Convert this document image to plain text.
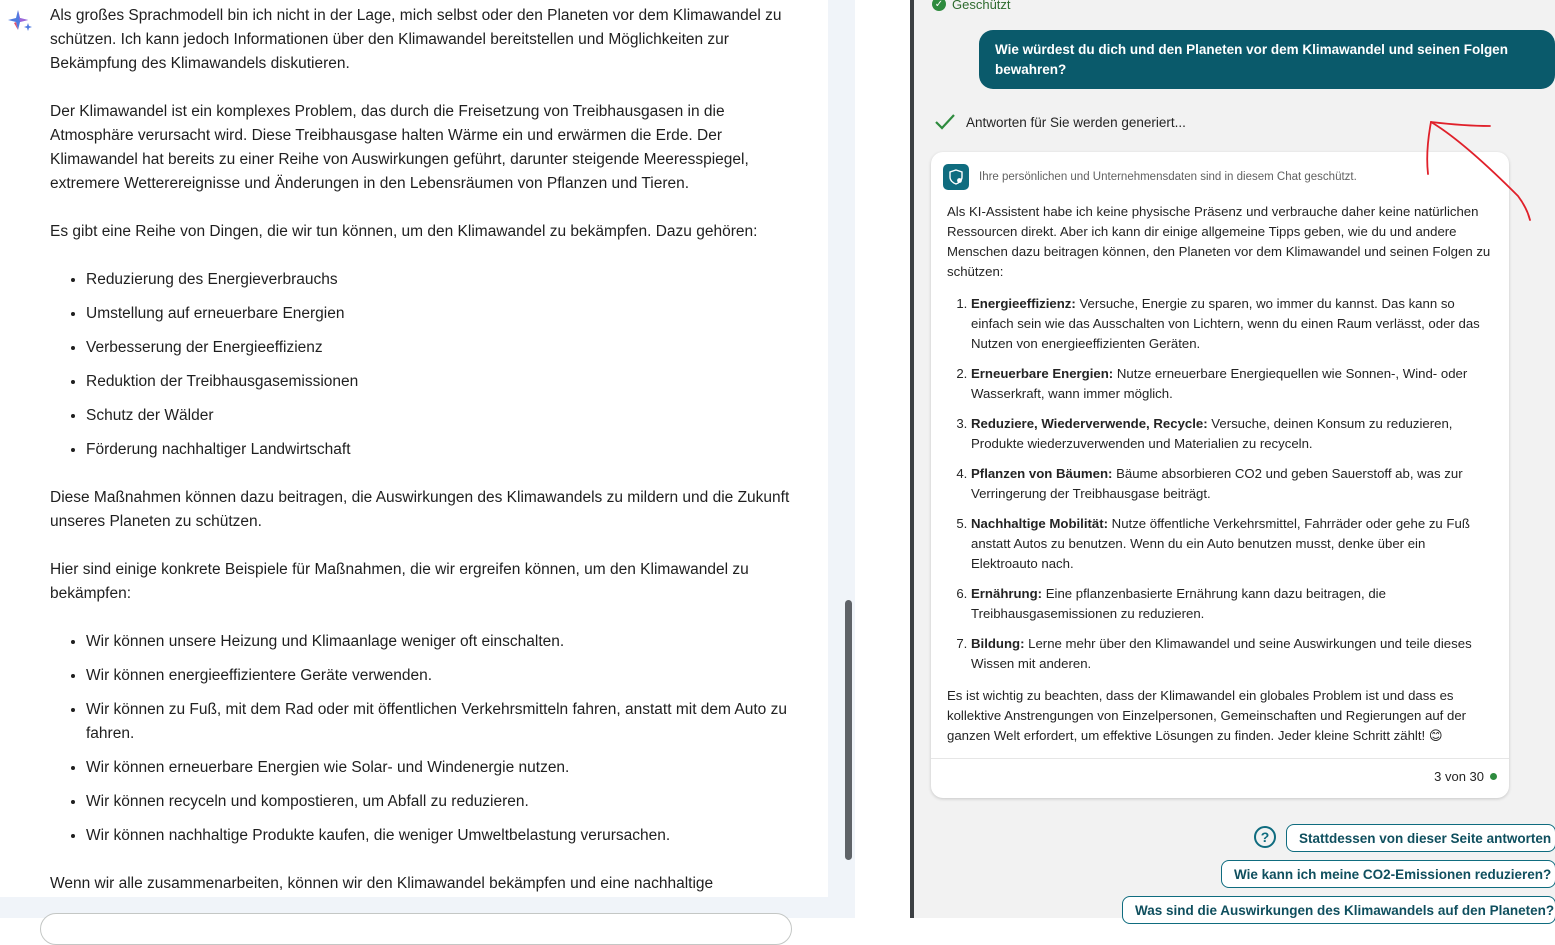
Als großes Sprachmodell bin ich nicht in der Lage, mich selbst oder den Planeten vor dem Klimawandel zu schützen. Ich kann jedoch Informationen über den Klimawandel bereitstellen und Möglichkeiten zur Bekämpfung des Klimawandels diskutieren.

Der Klimawandel ist ein komplexes Problem, das durch die Freisetzung von Treibhausgasen in die Atmosphäre verursacht wird. Diese Treibhausgase halten Wärme ein und erwärmen die Erde. Der Klimawandel hat bereits zu einer Reihe von Auswirkungen geführt, darunter steigende Meeresspiegel, extremere Wetterereignisse und Änderungen in den Lebensräumen von Pflanzen und Tieren.

Es gibt eine Reihe von Dingen, die wir tun können, um den Klimawandel zu bekämpfen. Dazu gehören:

• Reduzierung des Energieverbrauchs
• Umstellung auf erneuerbare Energien
• Verbesserung der Energieeffizienz
• Reduktion der Treibhausgasemissionen
• Schutz der Wälder
• Förderung nachhaltiger Landwirtschaft

Diese Maßnahmen können dazu beitragen, die Auswirkungen des Klimawandels zu mildern und die Zukunft unseres Planeten zu schützen.

Hier sind einige konkrete Beispiele für Maßnahmen, die wir ergreifen können, um den Klimawandel zu bekämpfen:

• Wir können unsere Heizung und Klimaanlage weniger oft einschalten.
• Wir können energieeffizientere Geräte verwenden.
• Wir können zu Fuß, mit dem Rad oder mit öffentlichen Verkehrsmitteln fahren, anstatt mit dem Auto zu fahren.
• Wir können erneuerbare Energien wie Solar- und Windenergie nutzen.
• Wir können recyceln und kompostieren, um Abfall zu reduzieren.
• Wir können nachhaltige Produkte kaufen, die weniger Umweltbelastung verursachen.

Wenn wir alle zusammenarbeiten, können wir den Klimawandel bekämpfen und eine nachhaltige

✓ Geschützt
Wie würdest du dich und den Planeten vor dem Klimawandel und seinen Folgen bewahren?
Antworten für Sie werden generiert...
Ihre persönlichen und Unternehmensdaten sind in diesem Chat geschützt.

Als KI-Assistent habe ich keine physische Präsenz und verbrauche daher keine natürlichen Ressourcen direkt. Aber ich kann dir einige allgemeine Tipps geben, wie du und andere Menschen dazu beitragen können, den Planeten vor dem Klimawandel und seinen Folgen zu schützen:

1. Energieeffizienz: Versuche, Energie zu sparen, wo immer du kannst. Das kann so einfach sein wie das Ausschalten von Lichtern, wenn du einen Raum verlässt, oder das Nutzen von energieeffizienten Geräten.
2. Erneuerbare Energien: Nutze erneuerbare Energiequellen wie Sonnen-, Wind- oder Wasserkraft, wann immer möglich.
3. Reduziere, Wiederverwende, Recycle: Versuche, deinen Konsum zu reduzieren, Produkte wiederzuverwenden und Materialien zu recyceln.
4. Pflanzen von Bäumen: Bäume absorbieren CO2 und geben Sauerstoff ab, was zur Verringerung der Treibhausgase beiträgt.
5. Nachhaltige Mobilität: Nutze öffentliche Verkehrsmittel, Fahrräder oder gehe zu Fuß anstatt Autos zu benutzen. Wenn du ein Auto benutzen musst, denke über ein Elektroauto nach.
6. Ernährung: Eine pflanzenbasierte Ernährung kann dazu beitragen, die Treibhausgasemissionen zu reduzieren.
7. Bildung: Lerne mehr über den Klimawandel und seine Auswirkungen und teile dieses Wissen mit anderen.

Es ist wichtig zu beachten, dass der Klimawandel ein globales Problem ist und dass es kollektive Anstrengungen von Einzelpersonen, Gemeinschaften und Regierungen auf der ganzen Welt erfordert, um effektive Lösungen zu finden. Jeder kleine Schritt zählt! 😊

3 von 30
?	Stattdessen von dieser Seite antworten
Wie kann ich meine CO2-Emissionen reduzieren?
Was sind die Auswirkungen des Klimawandels auf den Planeten?
